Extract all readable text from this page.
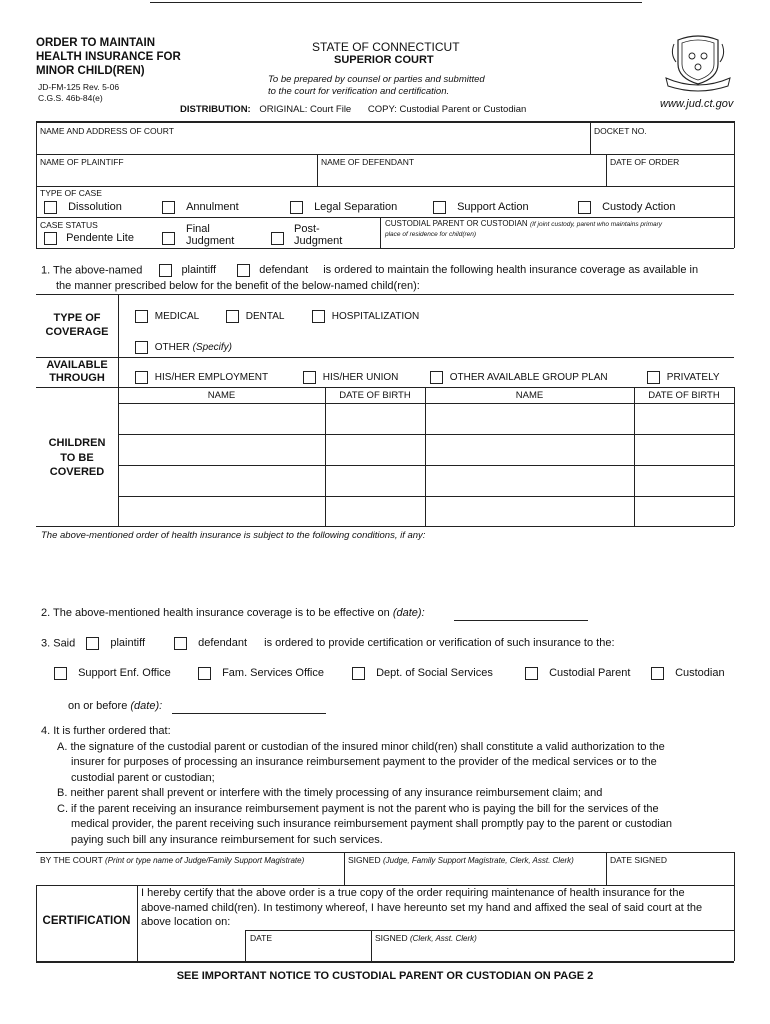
ORDER TO MAINTAIN
HEALTH INSURANCE FOR
MINOR CHILD(REN)
JD-FM-125 Rev. 5-06
C.G.S. 46b-84(e)
STATE OF CONNECTICUT
SUPERIOR COURT
To be prepared by counsel or parties and submitted
to the court for verification and certification.
DISTRIBUTION: ORIGINAL: Court File COPY: Custodial Parent or Custodian	www.jud.ct.gov
NAME AND ADDRESS OF COURT	DOCKET NO.
NAME OF PLAINTIFF	NAME OF DEFENDANT	DATE OF ORDER
TYPE OF CASE
Dissolution	Annulment	Legal Separation	Support Action	Custody Action
CASE STATUS
Pendente Lite
Final
Judgment
Post-
Judgment
CUSTODIAL PARENT OR CUSTODIAN (If joint custody, parent who maintains primary
place of residence for child(ren)
1. The above-named	plaintiff	defendant is ordered to maintain the following health insurance coverage as available in
the manner prescribed below for the benefit of the below-named child(ren):
TYPE OF
COVERAGE
MEDICAL	DENTAL	HOSPITALIZATION
OTHER (Specify)
AVAILABLE
THROUGH	HIS/HER EMPLOYMENT	HIS/HER UNION	OTHER AVAILABLE GROUP PLAN	PRIVATELY
NAME	DATE OF BIRTH	NAME	DATE OF BIRTH
CHILDREN
TO BE
COVERED
The above-mentioned order of health insurance is subject to the following conditions, if any:
2. The above-mentioned health insurance coverage is to be effective on (date):
3. Said	plaintiff	defendant is ordered to provide certification or verification of such insurance to the:
Support Enf. Office	Fam. Services Office	Dept. of Social Services	Custodial Parent	Custodian
on or before (date):
4. It is further ordered that:
A. the signature of the custodial parent or custodian of the insured minor child(ren) shall constitute a valid authorization to the
insurer for purposes of processing an insurance reimbursement payment to the provider of the medical services or to the
custodial parent or custodian;
B. neither parent shall prevent or interfere with the timely processing of any insurance reimbursement claim; and
C. if the parent receiving an insurance reimbursement payment is not the parent who is paying the bill for the services of the
medical provider, the parent receiving such insurance reimbursement payment shall promptly pay to the parent or custodian
paying such bill any insurance reimbursement for such services.
BY THE COURT (Print or type name of Judge/Family Support Magistrate)	SIGNED (Judge, Family Support Magistrate, Clerk, Asst. Clerk)	DATE SIGNED
CERTIFICATION
I hereby certify that the above order is a true copy of the order requiring maintenance of health insurance for the
above-named child(ren). In testimony whereof, I have hereunto set my hand and affixed the seal of said court at the
above location on:
DATE	SIGNED (Clerk, Asst. Clerk)
SEE IMPORTANT NOTICE TO CUSTODIAL PARENT OR CUSTODIAN ON PAGE 2
